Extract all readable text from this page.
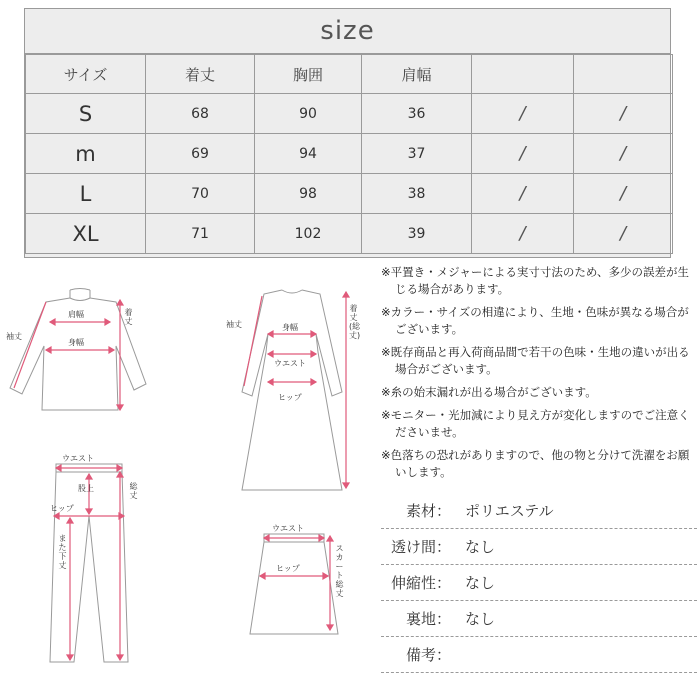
size
サイズ	着丈	胸囲	肩幅		
S	68	90	36	/	/
m	69	94	37	/	/
L	70	98	38	/	/
XL	71	102	39	/	/
肩幅
身幅
袖丈
着丈
身幅
ウエスト
ヒップ
袖丈
着丈(総丈)
ウエスト
股上
ヒップ
また下丈
総丈
ウエスト
ヒップ
スカート総丈
※平置き・メジャーによる実寸寸法のため、多少の誤差が生じる場合があります。
※カラー・サイズの相違により、生地・色味が異なる場合がございます。
※既存商品と再入荷商品間で若干の色味・生地の違いが出る場合がございます。
※糸の始末漏れが出る場合がございます。
※モニター・光加減により見え方が変化しますのでご注意くださいませ。
※色落ちの恐れがありますので、他の物と分けて洗濯をお願いします。
素材： ポリエステル
透け間： なし
伸縮性： なし
裏地： なし
備考：
